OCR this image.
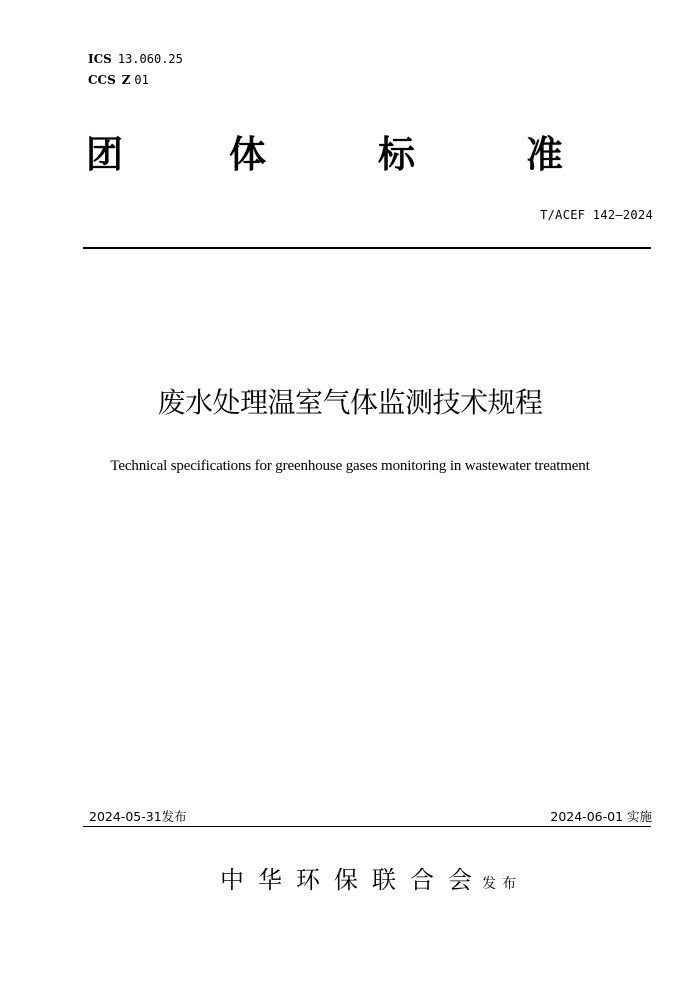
ICS 13.060.25
CCS Z 01
团	体	标	准
T/ACEF 142—2024
废水处理温室气体监测技术规程
Technical specifications for greenhouse gases monitoring in wastewater treatment
2024-05-31发布	2024-06-01 实施
中华环保联合会发布
